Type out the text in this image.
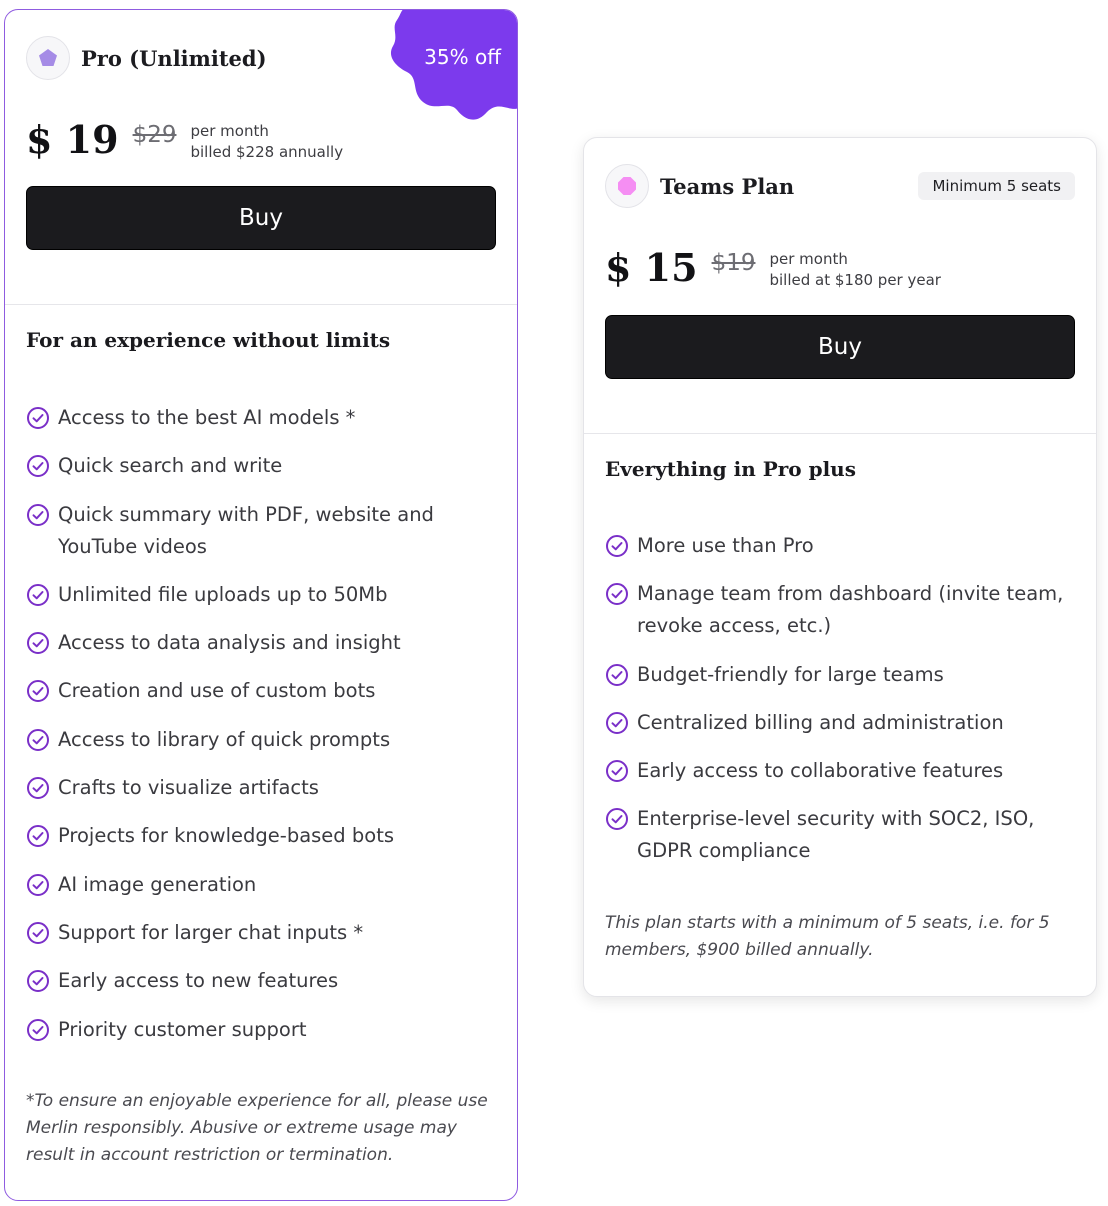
35% off
Pro (Unlimited)
$ 19 $29 per month
billed $228 annually
Buy
For an experience without limits
Access to the best AI models *
Quick search and write
Quick summary with PDF, website and YouTube videos
Unlimited file uploads up to 50Mb
Access to data analysis and insight
Creation and use of custom bots
Access to library of quick prompts
Crafts to visualize artifacts
Projects for knowledge-based bots
AI image generation
Support for larger chat inputs *
Early access to new features
Priority customer support
*To ensure an enjoyable experience for all, please use Merlin responsibly. Abusive or extreme usage may result in account restriction or termination.
Teams Plan	Minimum 5 seats
$ 15 $19 per month
billed at $180 per year
Buy
Everything in Pro plus
More use than Pro
Manage team from dashboard (invite team, revoke access, etc.)
Budget-friendly for large teams
Centralized billing and administration
Early access to collaborative features
Enterprise-level security with SOC2, ISO, GDPR compliance
This plan starts with a minimum of 5 seats, i.e. for 5 members, $900 billed annually.
